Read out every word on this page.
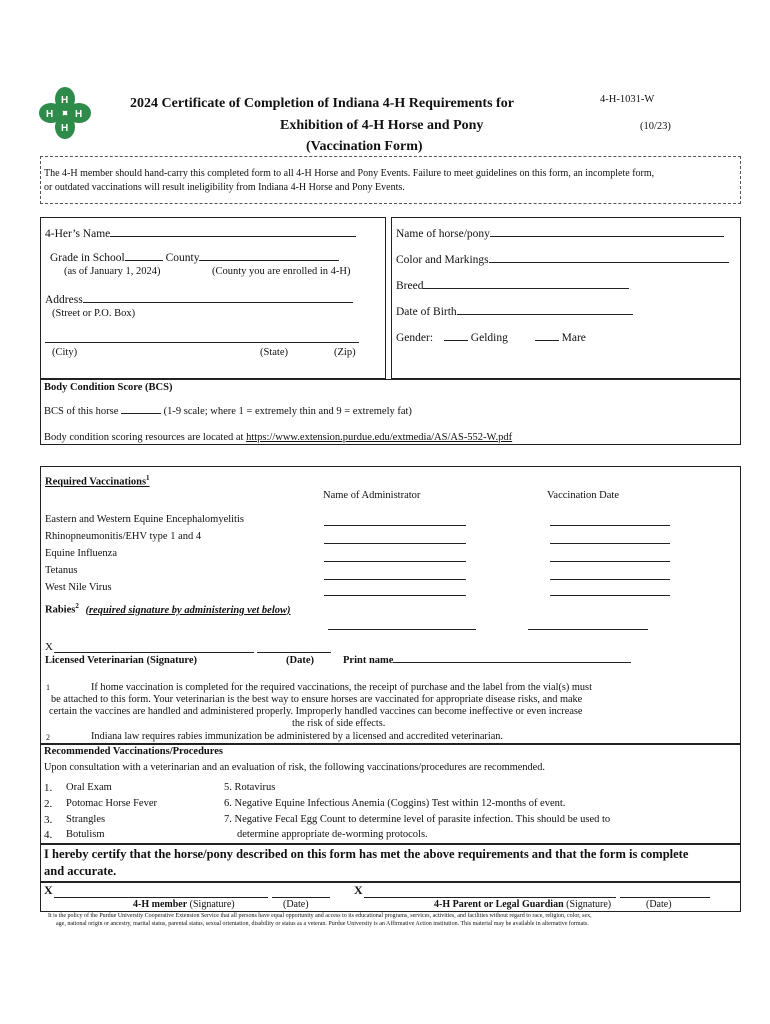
H
H
H H
2024 Certificate of Completion of Indiana 4-H Requirements for
Exhibition of 4-H Horse and Pony
(Vaccination Form)
4-H-1031-W
(10/23)
The 4-H member should hand-carry this completed form to all 4-H Horse and Pony Events. Failure to meet guidelines on this form, an incomplete form,
or outdated vaccinations will result ineligibility from Indiana 4-H Horse and Pony Events.
4-Her’s Name
Grade in School	County
(as of January 1, 2024)	(County you are enrolled in 4-H)
Address
(Street or P.O. Box)
(City)	(State)	(Zip)
Name of horse/pony
Color and Markings
Breed
Date of Birth
Gender:	Gelding	Mare
Body Condition Score (BCS)
BCS of this horse	(1-9 scale; where 1 = extremely thin and 9 = extremely fat)
Body condition scoring resources are located at https://www.extension.purdue.edu/extmedia/AS/AS-552-W.pdf
Required Vaccinations$^1$
Name of Administrator	Vaccination Date
Eastern and Western Equine Encephalomyelitis
Rhinopneumonitis/EHV type 1 and 4
Equine Influenza
Tetanus
West Nile Virus
Rabies$^2$ (required signature by administering vet below)
X
Licensed Veterinarian (Signature)	(Date)	Print name
1	If home vaccination is completed for the required vaccinations, the receipt of purchase and the label from the vial(s) must
be attached to this form. Your veterinarian is the best way to ensure horses are vaccinated for appropriate disease risks, and make
certain the vaccines are handled and administered properly. Improperly handled vaccines can become ineffective or even increase
the risk of side effects.
2	Indiana law requires rabies immunization be administered by a licensed and accredited veterinarian.
Recommended Vaccinations/Procedures
Upon consultation with a veterinarian and an evaluation of risk, the following vaccinations/procedures are recommended.
1. Oral Exam
2. Potomac Horse Fever
3. Strangles
4. Botulism
5. Rotavirus
6. Negative Equine Infectious Anemia (Coggins) Test within 12-months of event.
7. Negative Fecal Egg Count to determine level of parasite infection. This should be used to
determine appropriate de-worming protocols.
I hereby certify that the horse/pony described on this form has met the above requirements and that the form is complete
and accurate.
X	X
4-H member (Signature)	(Date)	4-H Parent or Legal Guardian (Signature)	(Date)
It is the policy of the Purdue University Cooperative Extension Service that all persons have equal opportunity and access to its educational programs, services, activities, and facilities without regard to race, religion, color, sex,
age, national origin or ancestry, marital status, parental status, sexual orientation, disability or status as a veteran. Purdue University is an Affirmative Action institution. This material may be available in alternative formats.
